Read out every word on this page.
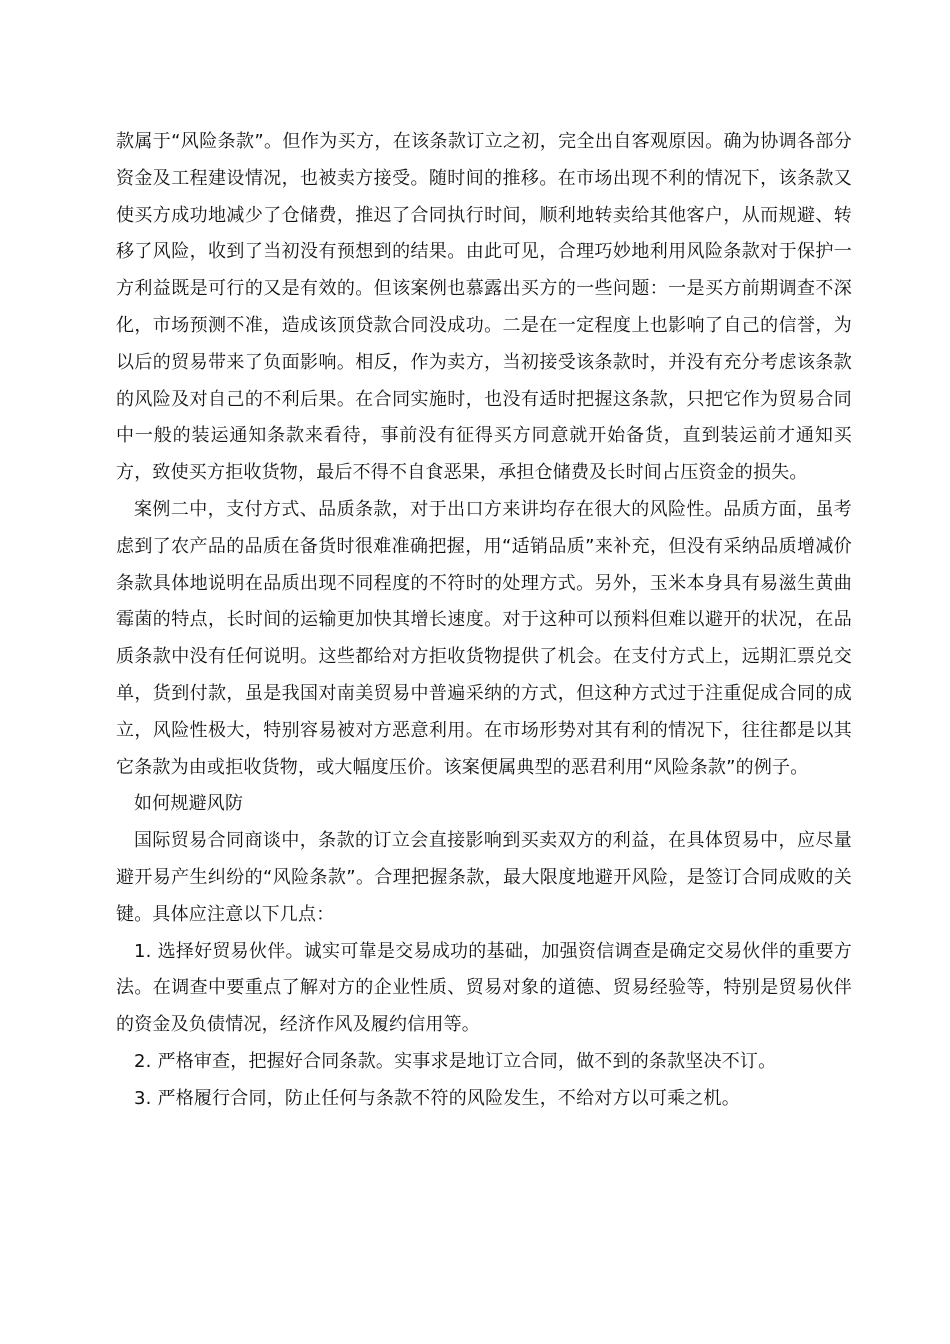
款属于“风险条款”。但作为买方，在该条款订立之初，完全出自客观原因。确为协调各部分资金及工程建设情况，也被卖方接受。随时间的推移。在市场出现不利的情况下，该条款又使买方成功地减少了仓储费，推迟了合同执行时间，顺利地转卖给其他客户，从而规避、转移了风险，收到了当初没有预想到的结果。由此可见，合理巧妙地利用风险条款对于保护一方利益既是可行的又是有效的。但该案例也慕露出买方的一些问题：一是买方前期调查不深化，市场预测不准，造成该顶贷款合同没成功。二是在一定程度上也影响了自己的信誉，为以后的贸易带来了负面影响。相反，作为卖方，当初接受该条款时，并没有充分考虑该条款的风险及对自己的不利后果。在合同实施时，也没有适时把握这条款，只把它作为贸易合同中一般的装运通知条款来看待，事前没有征得买方同意就开始备货，直到装运前才通知买方，致使买方拒收货物，最后不得不自食恶果，承担仓储费及长时间占压资金的损失。

案例二中，支付方式、品质条款，对于出口方来讲均存在很大的风险性。品质方面，虽考虑到了农产品的品质在备货时很难准确把握，用“适销品质”来补充，但没有采纳品质增减价条款具体地说明在品质出现不同程度的不符时的处理方式。另外，玉米本身具有易滋生黄曲霉菌的特点，长时间的运输更加快其增长速度。对于这种可以预料但难以避开的状况，在品质条款中没有任何说明。这些都给对方拒收货物提供了机会。在支付方式上，远期汇票兑交单，货到付款，虽是我国对南美贸易中普遍采纳的方式，但这种方式过于注重促成合同的成立，风险性极大，特别容易被对方恶意利用。在市场形势对其有利的情况下，往往都是以其它条款为由或拒收货物，或大幅度压价。该案便属典型的恶君利用“风险条款”的例子。

如何规避风防

国际贸易合同商谈中，条款的订立会直接影响到买卖双方的利益，在具体贸易中，应尽量避开易产生纠纷的“风险条款”。合理把握条款，最大限度地避开风险，是签订合同成败的关键。具体应注意以下几点：

1. 选择好贸易伙伴。诚实可靠是交易成功的基础，加强资信调查是确定交易伙伴的重要方法。在调查中要重点了解对方的企业性质、贸易对象的道德、贸易经验等，特别是贸易伙伴的资金及负债情况，经济作风及履约信用等。

2. 严格审查，把握好合同条款。实事求是地订立合同，做不到的条款坚决不订。

3. 严格履行合同，防止任何与条款不符的风险发生，不给对方以可乘之机。
